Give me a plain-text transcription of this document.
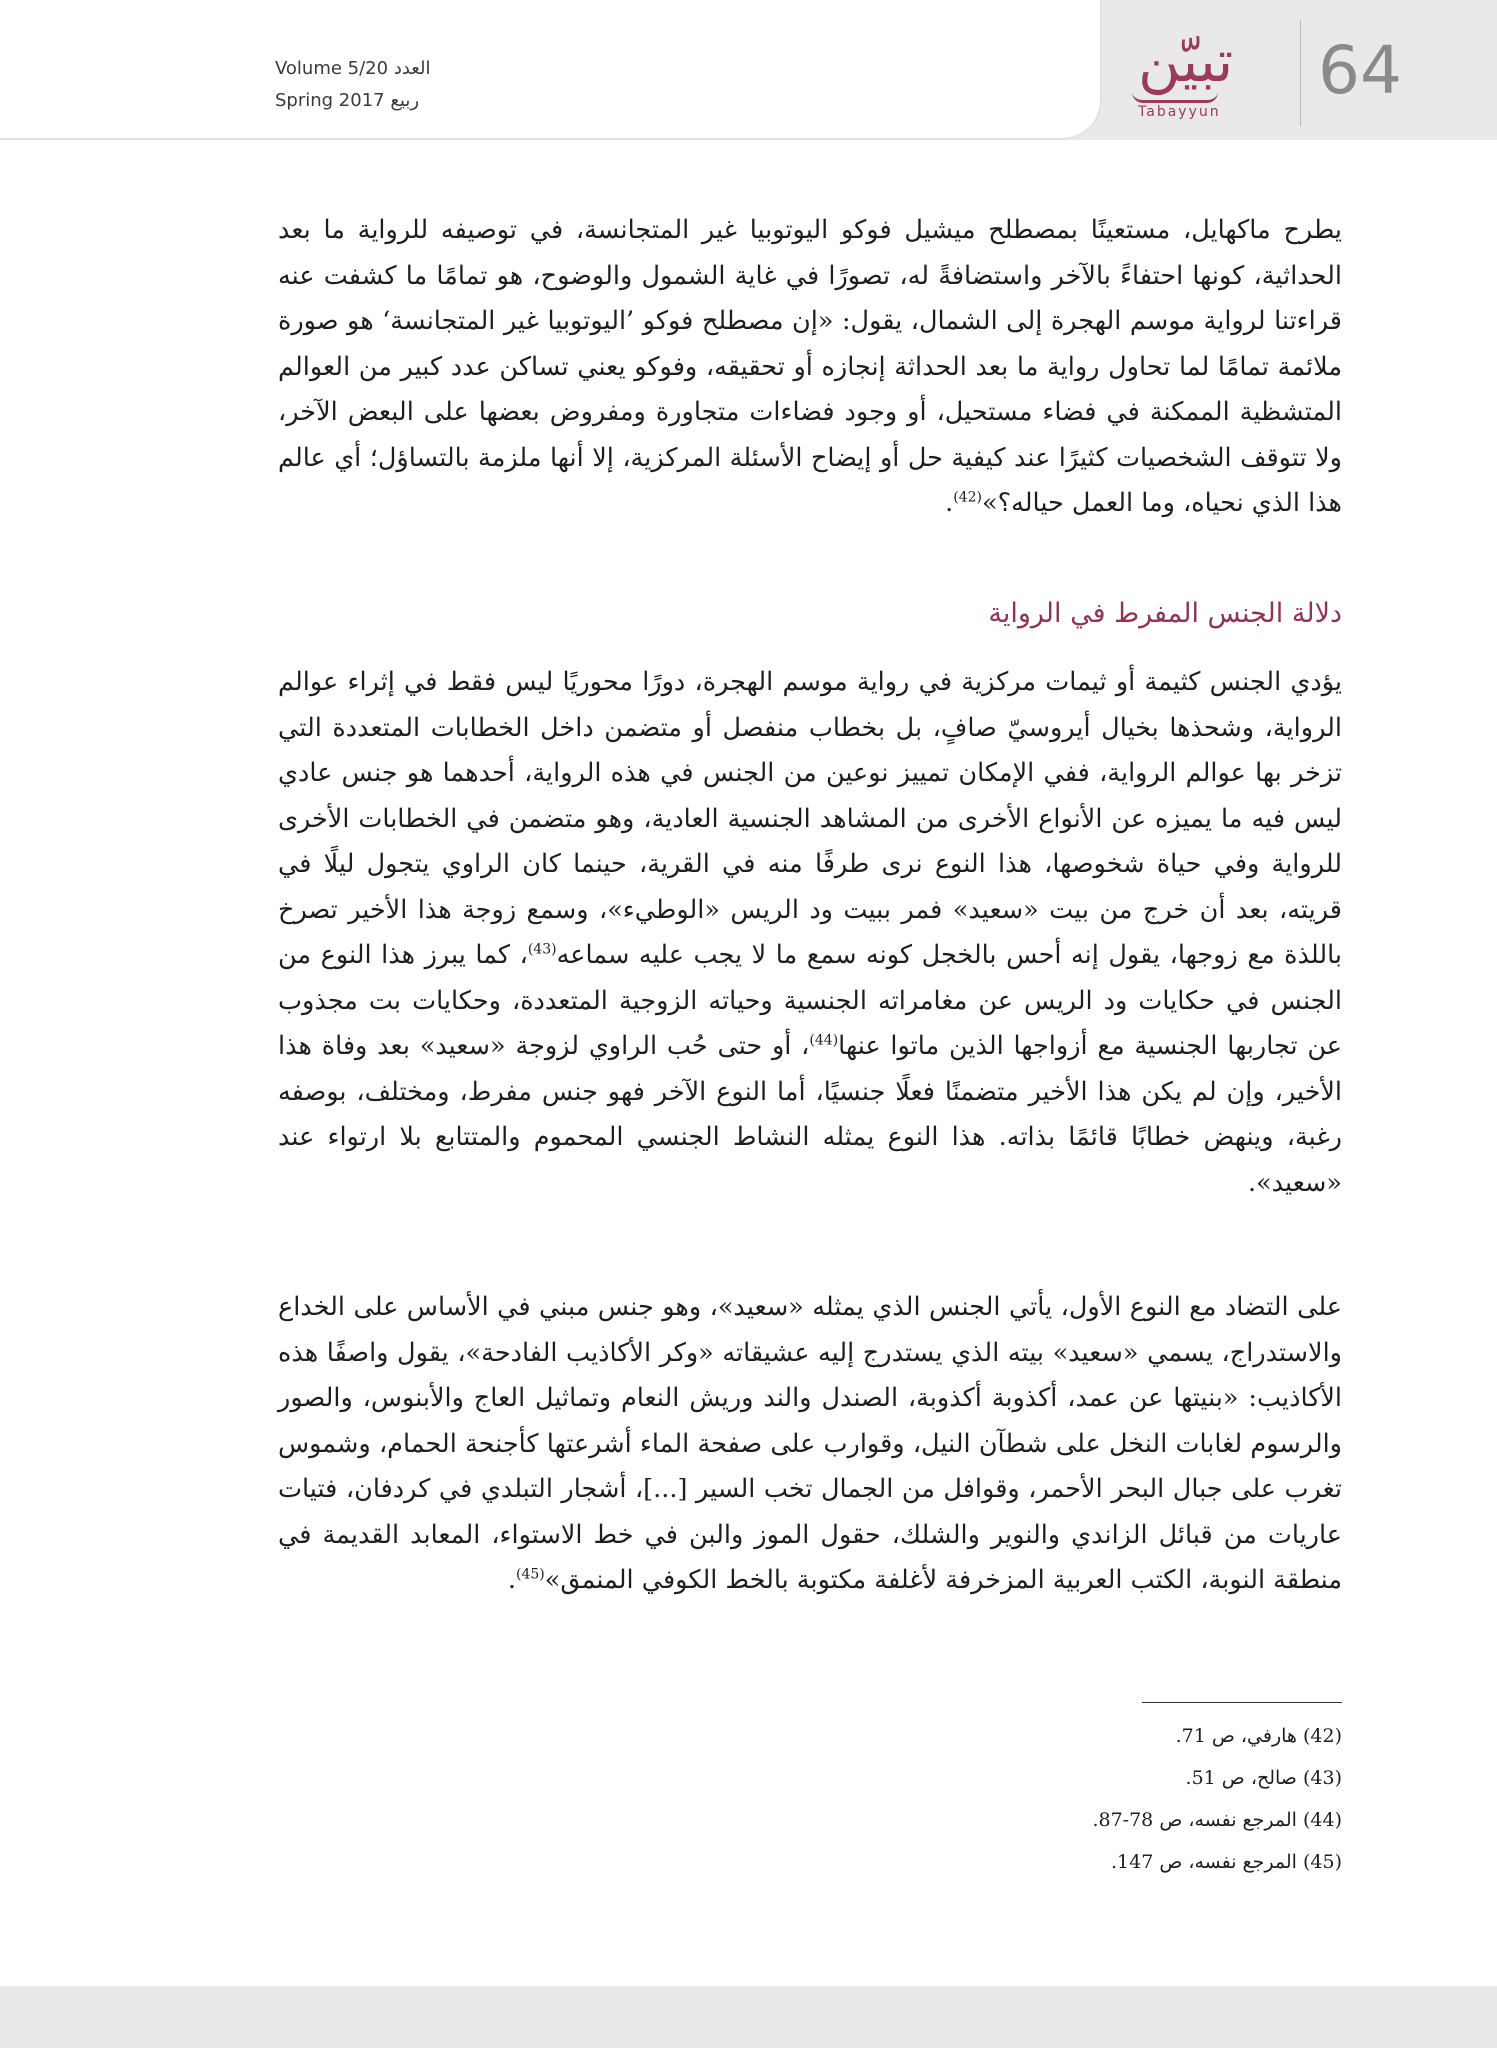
Volume 5/20 العدد
Spring 2017 ربيع
تبيّن
Tabayyun
64

يطرح ماكهايل، مستعينًا بمصطلح ميشيل فوكو اليوتوبيا غير المتجانسة، في توصيفه للرواية ما بعد الحداثية، كونها احتفاءً بالآخر واستضافةً له، تصورًا في غاية الشمول والوضوح، هو تمامًا ما كشفت عنه قراءتنا لرواية موسم الهجرة إلى الشمال، يقول: «إن مصطلح فوكو ’اليوتوبيا غير المتجانسة‘ هو صورة ملائمة تمامًا لما تحاول رواية ما بعد الحداثة إنجازه أو تحقيقه، وفوكو يعني تساكن عدد كبير من العوالم المتشظية الممكنة في فضاء مستحيل، أو وجود فضاءات متجاورة ومفروض بعضها على البعض الآخر، ولا تتوقف الشخصيات كثيرًا عند كيفية حل أو إيضاح الأسئلة المركزية، إلا أنها ملزمة بالتساؤل؛ أي عالم هذا الذي نحياه، وما العمل حياله؟»$^{(42)}$.

دلالة الجنس المفرط في الرواية

يؤدي الجنس كثيمة أو ثيمات مركزية في رواية موسم الهجرة، دورًا محوريًا ليس فقط في إثراء عوالم الرواية، وشحذها بخيال أيروسيّ صافٍ، بل بخطاب منفصل أو متضمن داخل الخطابات المتعددة التي تزخر بها عوالم الرواية، ففي الإمكان تمييز نوعين من الجنس في هذه الرواية، أحدهما هو جنس عادي ليس فيه ما يميزه عن الأنواع الأخرى من المشاهد الجنسية العادية، وهو متضمن في الخطابات الأخرى للرواية وفي حياة شخوصها، هذا النوع نرى طرفًا منه في القرية، حينما كان الراوي يتجول ليلًا في قريته، بعد أن خرج من بيت «سعيد» فمر ببيت ود الريس «الوطيء»، وسمع زوجة هذا الأخير تصرخ باللذة مع زوجها، يقول إنه أحس بالخجل كونه سمع ما لا يجب عليه سماعه$^{(43)}$، كما يبرز هذا النوع من الجنس في حكايات ود الريس عن مغامراته الجنسية وحياته الزوجية المتعددة، وحكايات بت مجذوب عن تجاربها الجنسية مع أزواجها الذين ماتوا عنها$^{(44)}$، أو حتى حُب الراوي لزوجة «سعيد» بعد وفاة هذا الأخير، وإن لم يكن هذا الأخير متضمنًا فعلًا جنسيًا، أما النوع الآخر فهو جنس مفرط، ومختلف، بوصفه رغبة، وينهض خطابًا قائمًا بذاته. هذا النوع يمثله النشاط الجنسي المحموم والمتتابع بلا ارتواء عند «سعيد».

على التضاد مع النوع الأول، يأتي الجنس الذي يمثله «سعيد»، وهو جنس مبني في الأساس على الخداع والاستدراج، يسمي «سعيد» بيته الذي يستدرج إليه عشيقاته «وكر الأكاذيب الفادحة»، يقول واصفًا هذه الأكاذيب: «بنيتها عن عمد، أكذوبة أكذوبة، الصندل والند وريش النعام وتماثيل العاج والأبنوس، والصور والرسوم لغابات النخل على شطآن النيل، وقوارب على صفحة الماء أشرعتها كأجنحة الحمام، وشموس تغرب على جبال البحر الأحمر، وقوافل من الجمال تخب السير [...]، أشجار التبلدي في كردفان، فتيات عاريات من قبائل الزاندي والنوير والشلك، حقول الموز والبن في خط الاستواء، المعابد القديمة في منطقة النوبة، الكتب العربية المزخرفة لأغلفة مكتوبة بالخط الكوفي المنمق»$^{(45)}$.

(42) هارفي، ص 71.
(43) صالح، ص 51.
(44) المرجع نفسه، ص 78-87.
(45) المرجع نفسه، ص 147.
